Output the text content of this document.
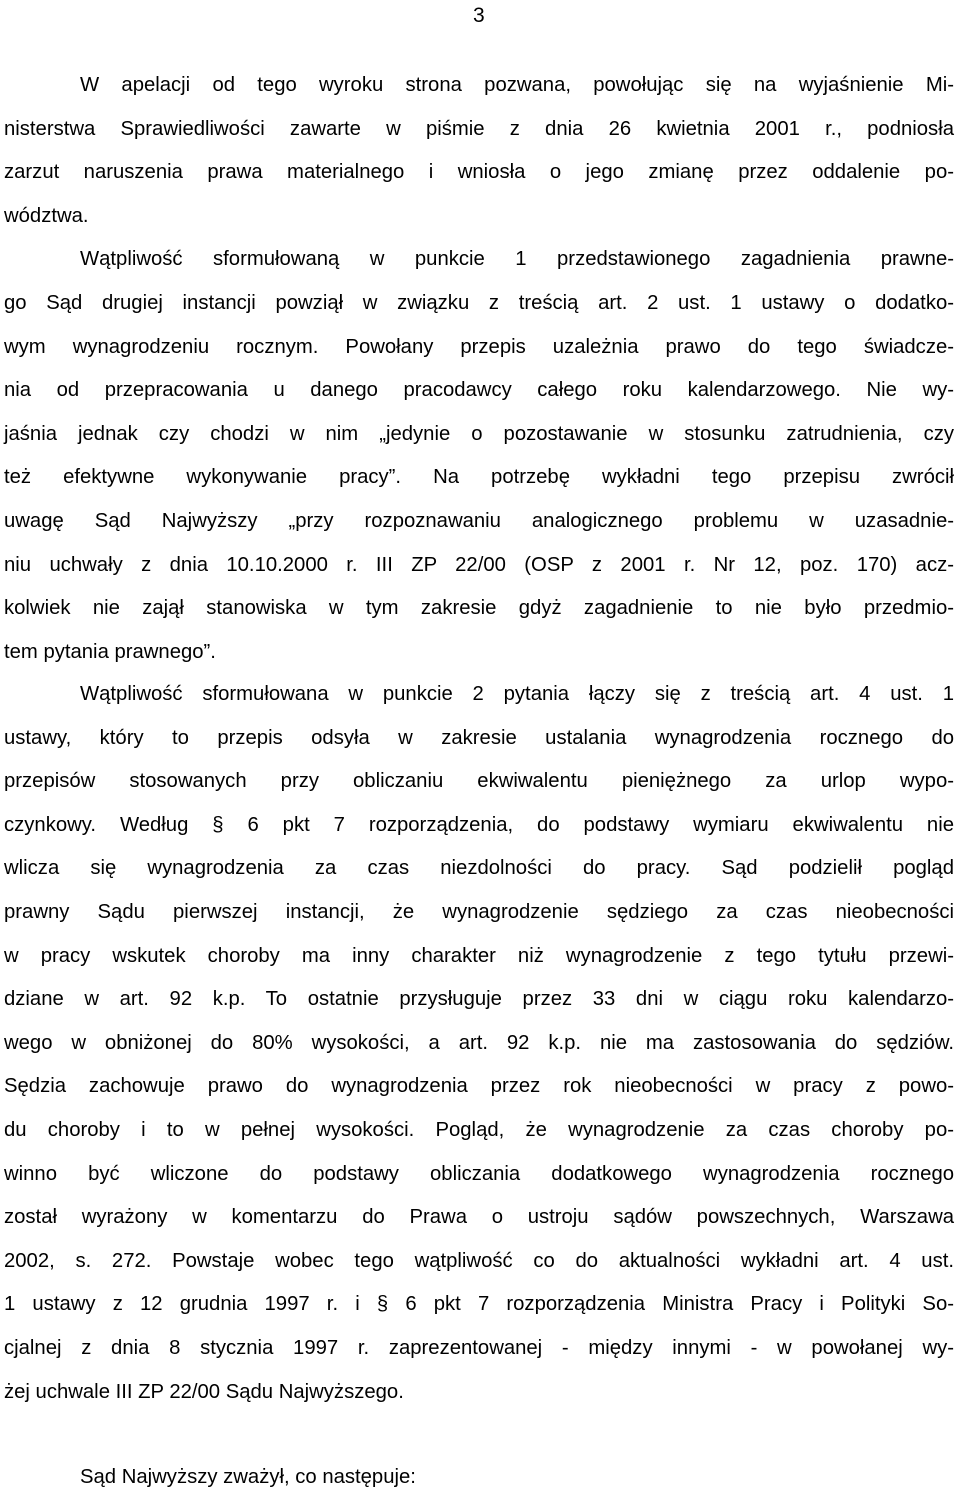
3
W apelacji od tego wyroku strona pozwana, powołując się na wyjaśnienie Mi-
nisterstwa Sprawiedliwości zawarte w piśmie z dnia 26 kwietnia 2001 r., podniosła
zarzut naruszenia prawa materialnego i wniosła o jego zmianę przez oddalenie po-
wództwa.
Wątpliwość sformułowaną w punkcie 1 przedstawionego zagadnienia prawne-
go Sąd drugiej instancji powziął w związku z treścią art. 2 ust. 1 ustawy o dodatko-
wym wynagrodzeniu rocznym. Powołany przepis uzależnia prawo do tego świadcze-
nia od przepracowania u danego pracodawcy całego roku kalendarzowego. Nie wy-
jaśnia jednak czy chodzi w nim „jedynie o pozostawanie w stosunku zatrudnienia, czy
też efektywne wykonywanie pracy”. Na potrzebę wykładni tego przepisu zwrócił
uwagę Sąd Najwyższy „przy rozpoznawaniu analogicznego problemu w uzasadnie-
niu uchwały z dnia 10.10.2000 r. III ZP 22/00 (OSP z 2001 r. Nr 12, poz. 170) acz-
kolwiek nie zajął stanowiska w tym zakresie gdyż zagadnienie to nie było przedmio-
tem pytania prawnego”.
Wątpliwość sformułowana w punkcie 2 pytania łączy się z treścią art. 4 ust. 1
ustawy, który to przepis odsyła w zakresie ustalania wynagrodzenia rocznego do
przepisów stosowanych przy obliczaniu ekwiwalentu pieniężnego za urlop wypo-
czynkowy. Według § 6 pkt 7 rozporządzenia, do podstawy wymiaru ekwiwalentu nie
wlicza się wynagrodzenia za czas niezdolności do pracy. Sąd podzielił pogląd
prawny Sądu pierwszej instancji, że wynagrodzenie sędziego za czas nieobecności
w pracy wskutek choroby ma inny charakter niż wynagrodzenie z tego tytułu przewi-
dziane w art. 92 k.p. To ostatnie przysługuje przez 33 dni w ciągu roku kalendarzo-
wego w obniżonej do 80% wysokości, a art. 92 k.p. nie ma zastosowania do sędziów.
Sędzia zachowuje prawo do wynagrodzenia przez rok nieobecności w pracy z powo-
du choroby i to w pełnej wysokości. Pogląd, że wynagrodzenie za czas choroby po-
winno być wliczone do podstawy obliczania dodatkowego wynagrodzenia rocznego
został wyrażony w komentarzu do Prawa o ustroju sądów powszechnych, Warszawa
2002, s. 272. Powstaje wobec tego wątpliwość co do aktualności wykładni art. 4 ust.
1 ustawy z 12 grudnia 1997 r. i § 6 pkt 7 rozporządzenia Ministra Pracy i Polityki So-
cjalnej z dnia 8 stycznia 1997 r. zaprezentowanej - między innymi - w powołanej wy-
żej uchwale III ZP 22/00 Sądu Najwyższego.
Sąd Najwyższy zważył, co następuje:
